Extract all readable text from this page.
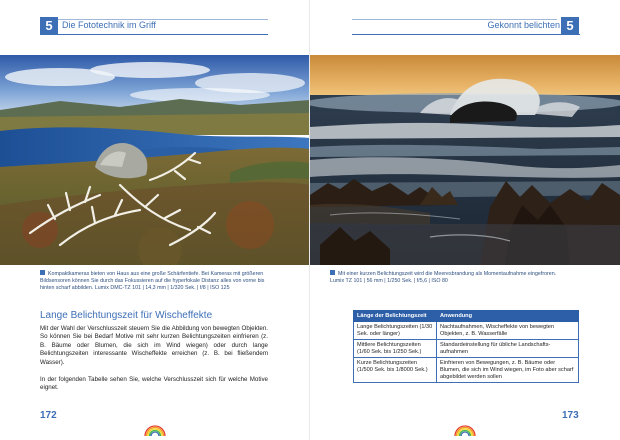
5	Die Fototechnik im Griff
Kompaktkameras bieten von Haus aus eine große Schärfentiefe. Bei Kameras mit größeren Bildsensoren können Sie durch das Fokussieren auf die hyperfokale Distanz alles von vorne bis hinten scharf abbilden. Lumix DMC-TZ 101 | 14,3 mm | 1/320 Sek. | f/8 | ISO 125
Lange Belichtungszeit für Wischeffekte
Mit der Wahl der Verschlusszeit steuern Sie die Abbildung von bewegten Objekten. So können Sie bei Bedarf Motive mit sehr kurzen Belichtungszeiten einfrieren (z. B. Bäume oder Blumen, die sich im Wind wiegen) oder durch lange Belichtungszeiten interessante Wischeffekte erreichen (z. B. bei fließendem Wasser).
In der folgenden Tabelle sehen Sie, welche Verschlusszeit sich für welche Motive eignet.
172
Gekonnt belichten 5
Mit einer kurzen Belichtungszeit wird die Meeresbrandung als Momentaufnahme eingefroren. Lumix TZ 101 | 56 mm | 1/250 Sek. | f/5,6 | ISO 80
Länge der Belichtungszeit	Anwendung
Lange Belichtungszeiten (1/30 Sek. oder länger)	Nachtaufnahmen, Wischeffekte von bewegten Objekten, z. B. Wasserfälle
Mittlere Belichtungszeiten (1/60 Sek. bis 1/250 Sek.)	Standardeinstellung für übliche Landschaftsaufnahmen
Kurze Belichtungszeiten (1/500 Sek. bis 1/8000 Sek.)	Einfrieren von Bewegungen, z. B. Bäume oder Blumen, die sich im Wind wiegen, im Foto aber scharf abgebildet werden sollen
173
